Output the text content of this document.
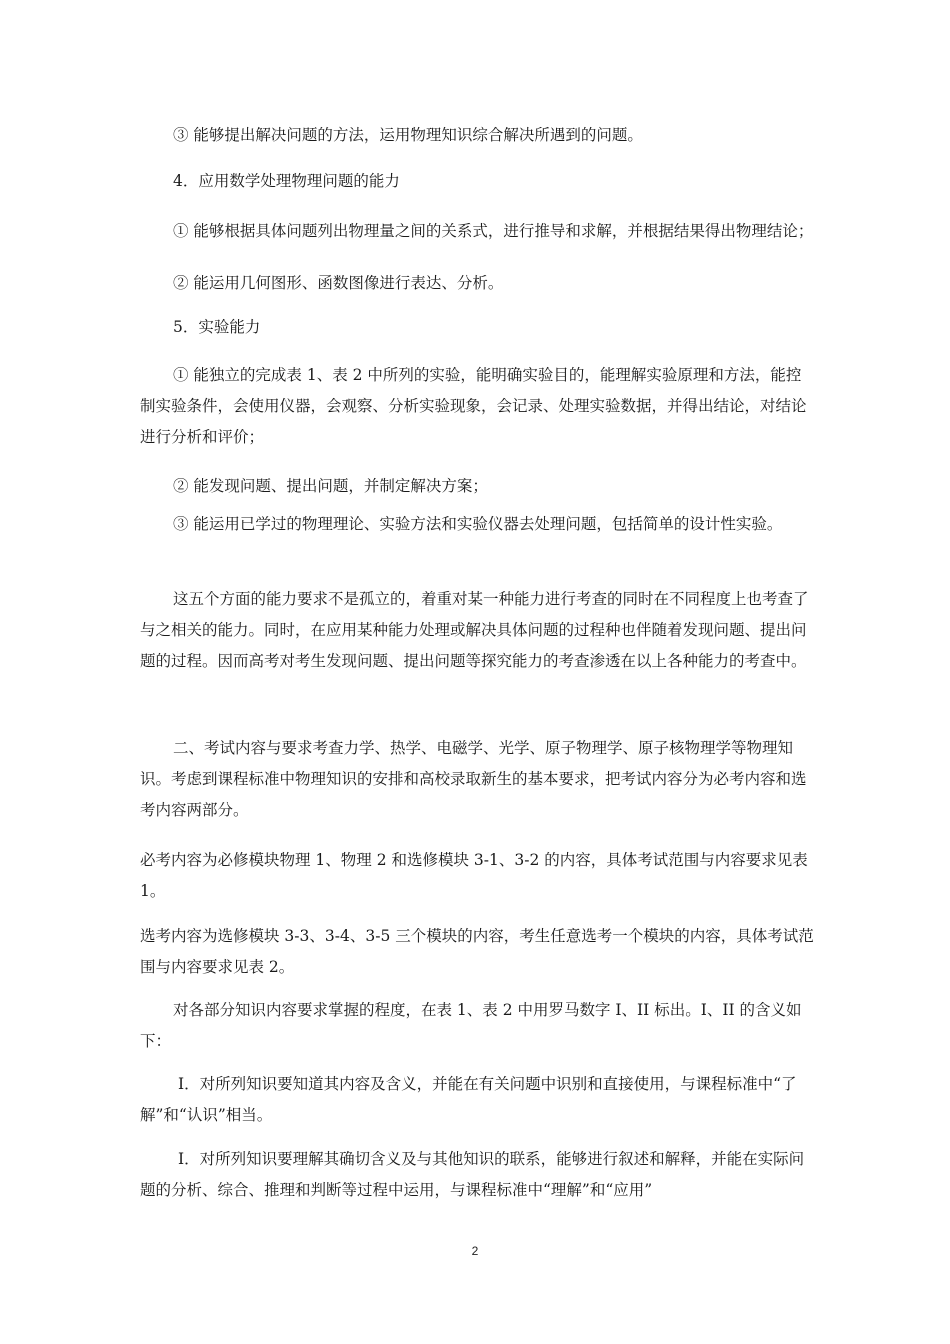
③ 能够提出解决问题的方法，运用物理知识综合解决所遇到的问题。
4．应用数学处理物理问题的能力
① 能够根据具体问题列出物理量之间的关系式，进行推导和求解，并根据结果得出物理结论；
② 能运用几何图形、函数图像进行表达、分析。
5．实验能力
① 能独立的完成表 1、表 2 中所列的实验，能明确实验目的，能理解实验原理和方法，能控制实验条件，会使用仪器，会观察、分析实验现象，会记录、处理实验数据，并得出结论，对结论进行分析和评价；
② 能发现问题、提出问题，并制定解决方案；
③ 能运用已学过的物理理论、实验方法和实验仪器去处理问题，包括简单的设计性实验。
这五个方面的能力要求不是孤立的，着重对某一种能力进行考查的同时在不同程度上也考查了与之相关的能力。同时，在应用某种能力处理或解决具体问题的过程种也伴随着发现问题、提出问题的过程。因而高考对考生发现问题、提出问题等探究能力的考查渗透在以上各种能力的考查中。
二、考试内容与要求考查力学、热学、电磁学、光学、原子物理学、原子核物理学等物理知识。考虑到课程标准中物理知识的安排和高校录取新生的基本要求，把考试内容分为必考内容和选考内容两部分。
必考内容为必修模块物理 1、物理 2 和选修模块 3-1、3-2 的内容，具体考试范围与内容要求见表 1。
选考内容为选修模块 3-3、3-4、3-5 三个模块的内容，考生任意选考一个模块的内容，具体考试范围与内容要求见表 2。
对各部分知识内容要求掌握的程度，在表 1、表 2 中用罗马数字 I、II 标出。I、II 的含义如下：
I．对所列知识要知道其内容及含义，并能在有关问题中识别和直接使用，与课程标准中“了解”和“认识”相当。
I．对所列知识要理解其确切含义及与其他知识的联系，能够进行叙述和解释，并能在实际问题的分析、综合、推理和判断等过程中运用，与课程标准中“理解”和“应用”
2
